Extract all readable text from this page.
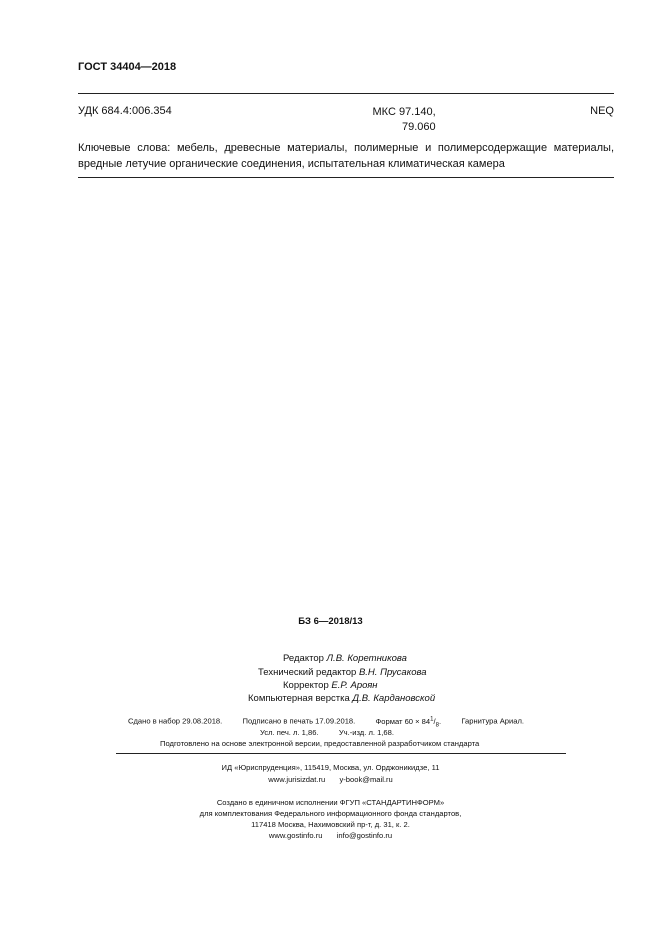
ГОСТ 34404—2018
УДК 684.4:006.354	МКС 97.140,
79.060
NEQ
Ключевые слова: мебель, древесные материалы, полимерные и полимерсодержащие материалы, вредные летучие органические соединения, испытательная климатическая камера
БЗ 6—2018/13
Редактор Л.В. Коретникова
Технический редактор В.Н. Прусакова
Корректор Е.Р. Ароян
Компьютерная верстка Д.В. Кардановской
Сдано в набор 29.08.2018.	Подписано в печать 17.09.2018.	Формат $60 \times 84^1/_8$.	Гарнитура Ариал.
Усл. печ. л. 1,86.	Уч.-изд. л. 1,68.
Подготовлено на основе электронной версии, предоставленной разработчиком стандарта
ИД «Юриспруденция», 115419, Москва, ул. Орджоникидзе, 11
www.jurisizdat.ru y-book@mail.ru
Создано в единичном исполнении ФГУП «СТАНДАРТИНФОРМ»
для комплектования Федерального информационного фонда стандартов,
117418 Москва, Нахимовский пр-т, д. 31, к. 2.
www.gostinfo.ru info@gostinfo.ru
